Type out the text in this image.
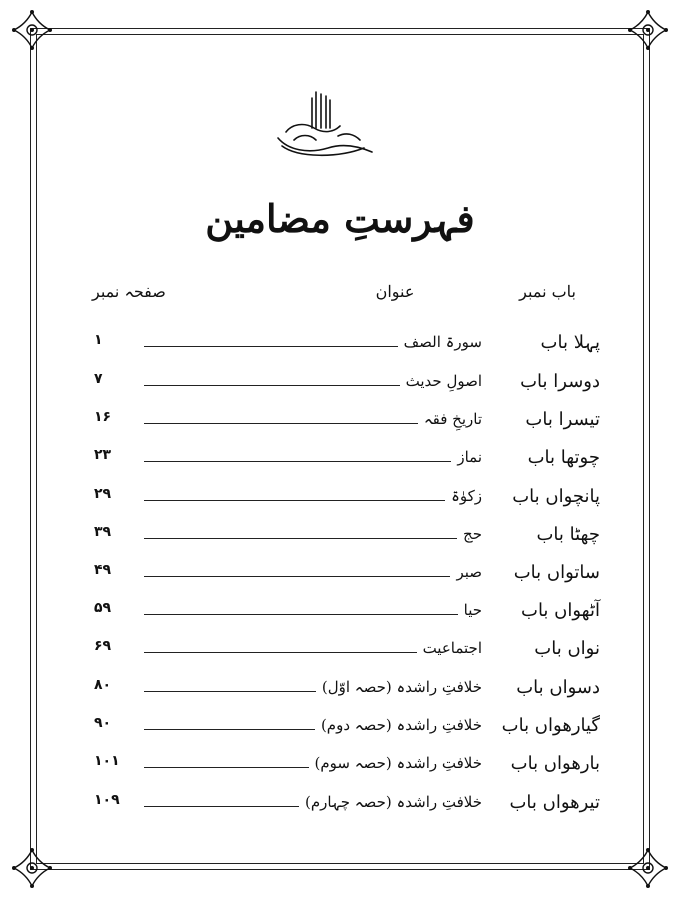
فہرستِ مضامین
باب نمبر
عنوان
صفحہ نمبر
پہلا باب
سورۃ الصف
۱
دوسرا باب
اصولِ حدیث
۷
تیسرا باب
تاریخِ فقہ
۱۶
چوتھا باب
نماز
۲۳
پانچواں باب
زکوٰۃ
۲۹
چھٹا باب
حج
۳۹
ساتواں باب
صبر
۴۹
آٹھواں باب
حیا
۵۹
نواں باب
اجتماعیت
۶۹
دسواں باب
خلافتِ راشدہ (حصہ اوّل)
۸۰
گیارھواں باب
خلافتِ راشدہ (حصہ دوم)
۹۰
بارھواں باب
خلافتِ راشدہ (حصہ سوم)
۱۰۱
تیرھواں باب
خلافتِ راشدہ (حصہ چہارم)
۱۰۹
